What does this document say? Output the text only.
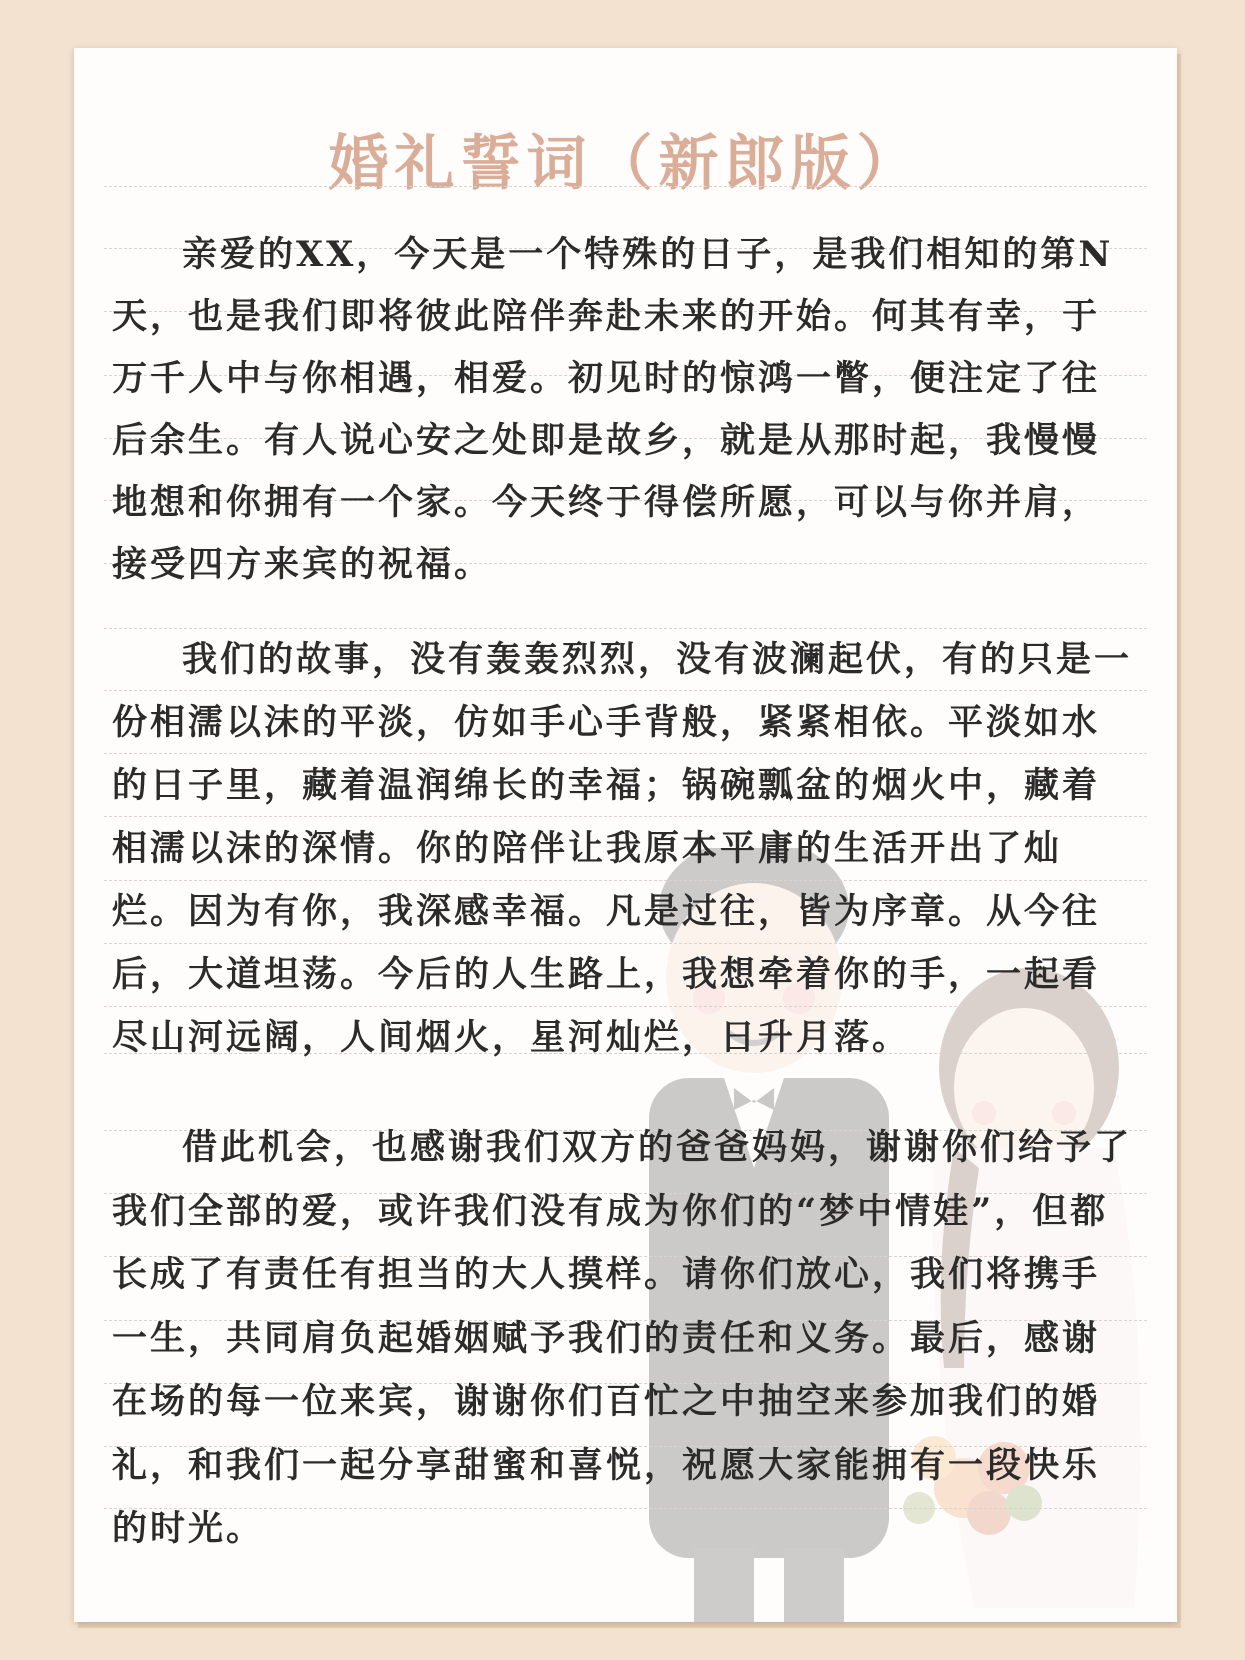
婚礼誓词（新郎版）

亲爱的XX，今天是一个特殊的日子，是我们相知的第N天，也是我们即将彼此陪伴奔赴未来的开始。何其有幸，于万千人中与你相遇，相爱。初见时的惊鸿一瞥，便注定了往后余生。有人说心安之处即是故乡，就是从那时起，我慢慢地想和你拥有一个家。今天终于得偿所愿，可以与你并肩，接受四方来宾的祝福。

我们的故事，没有轰轰烈烈，没有波澜起伏，有的只是一份相濡以沫的平淡，仿如手心手背般，紧紧相依。平淡如水的日子里，藏着温润绵长的幸福；锅碗瓢盆的烟火中，藏着相濡以沫的深情。你的陪伴让我原本平庸的生活开出了灿烂。因为有你，我深感幸福。凡是过往，皆为序章。从今往后，大道坦荡。今后的人生路上，我想牵着你的手，一起看尽山河远阔，人间烟火，星河灿烂，日升月落。

借此机会，也感谢我们双方的爸爸妈妈，谢谢你们给予了我们全部的爱，或许我们没有成为你们的“梦中情娃”，但都长成了有责任有担当的大人摸样。请你们放心，我们将携手一生，共同肩负起婚姻赋予我们的责任和义务。最后，感谢在场的每一位来宾，谢谢你们百忙之中抽空来参加我们的婚礼，和我们一起分享甜蜜和喜悦，祝愿大家能拥有一段快乐的时光。
